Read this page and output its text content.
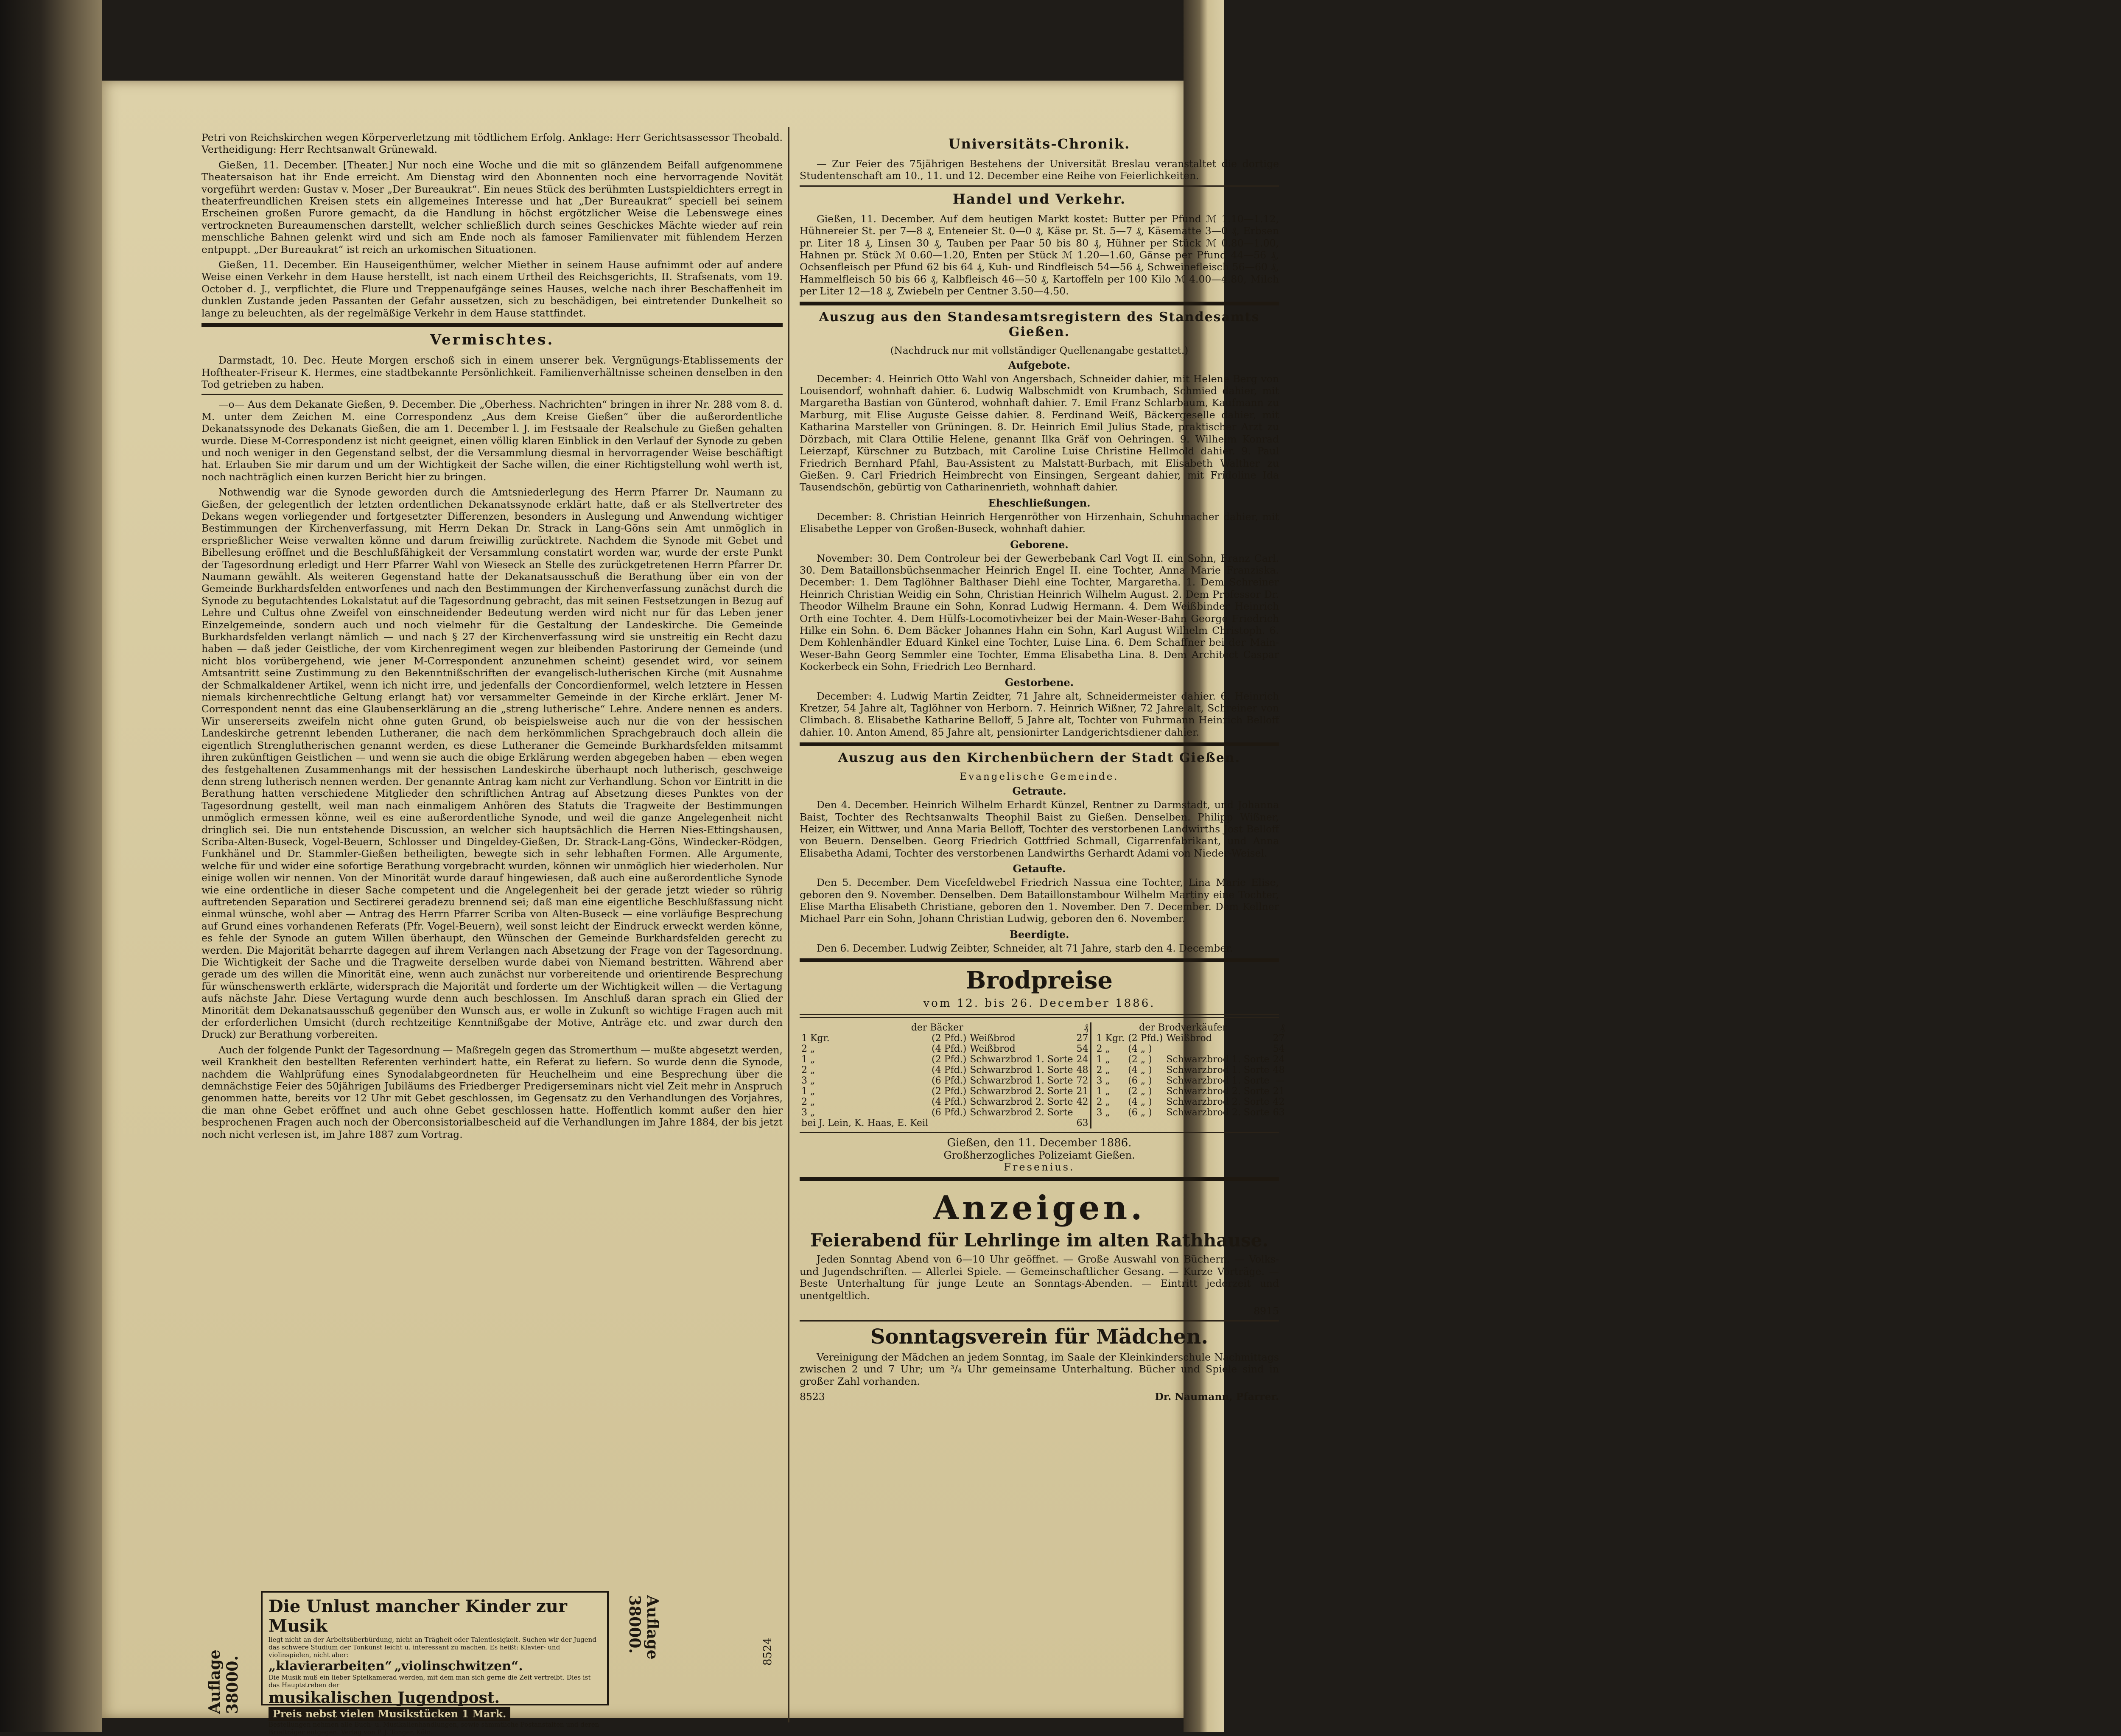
Petri von Reichskirchen wegen Körperverletzung mit tödtlichem Erfolg. Anklage: Herr Gerichtsassessor Theobald. Vertheidigung: Herr Rechtsanwalt Grünewald.

Gießen, 11. December. [Theater.] Nur noch eine Woche und die mit so glänzendem Beifall aufgenommene Theatersaison hat ihr Ende erreicht. Am Dienstag wird den Abonnenten noch eine hervorragende Novität vorgeführt werden: Gustav v. Moser „Der Bureaukrat“. Ein neues Stück des berühmten Lustspieldichters erregt in theaterfreundlichen Kreisen stets ein allgemeines Interesse und hat „Der Bureaukrat“ speciell bei seinem Erscheinen großen Furore gemacht, da die Handlung in höchst ergötzlicher Weise die Lebenswege eines vertrockneten Bureaumenschen darstellt, welcher schließlich durch seines Geschickes Mächte wieder auf rein menschliche Bahnen gelenkt wird und sich am Ende noch als famoser Familienvater mit fühlendem Herzen entpuppt. „Der Bureaukrat“ ist reich an urkomischen Situationen.

Gießen, 11. December. Ein Hauseigenthümer, welcher Miether in seinem Hause aufnimmt oder auf andere Weise einen Verkehr in dem Hause herstellt, ist nach einem Urtheil des Reichsgerichts, II. Strafsenats, vom 19. October d. J., verpflichtet, die Flure und Treppenaufgänge seines Hauses, welche nach ihrer Beschaffenheit im dunklen Zustande jeden Passanten der Gefahr aussetzen, sich zu beschädigen, bei eintretender Dunkelheit so lange zu beleuchten, als der regelmäßige Verkehr in dem Hause stattfindet.

Vermischtes.

Darmstadt, 10. Dec. Heute Morgen erschoß sich in einem unserer bek. Vergnügungs-Etablissements der Hoftheater-Friseur K. Hermes, eine stadtbekannte Persönlichkeit. Familienverhältnisse scheinen denselben in den Tod getrieben zu haben.

—o— Aus dem Dekanate Gießen, 9. December. Die „Oberhess. Nachrichten“ bringen in ihrer Nr. 288 vom 8. d. M. unter dem Zeichen M. eine Correspondenz „Aus dem Kreise Gießen“ über die außerordentliche Dekanatssynode des Dekanats Gießen, die am 1. December l. J. im Festsaale der Realschule zu Gießen gehalten wurde. Diese M-Correspondenz ist nicht geeignet, einen völlig klaren Einblick in den Verlauf der Synode zu geben und noch weniger in den Gegenstand selbst, der die Versammlung diesmal in hervorragender Weise beschäftigt hat. Erlauben Sie mir darum und um der Wichtigkeit der Sache willen, die einer Richtigstellung wohl werth ist, noch nachträglich einen kurzen Bericht hier zu bringen.

Nothwendig war die Synode geworden durch die Amtsniederlegung des Herrn Pfarrer Dr. Naumann zu Gießen, der gelegentlich der letzten ordentlichen Dekanatssynode erklärt hatte, daß er als Stellvertreter des Dekans wegen vorliegender und fortgesetzter Differenzen, besonders in Auslegung und Anwendung wichtiger Bestimmungen der Kirchenverfassung, mit Herrn Dekan Dr. Strack in Lang-Göns sein Amt unmöglich in ersprießlicher Weise verwalten könne und darum freiwillig zurücktrete. Nachdem die Synode mit Gebet und Bibellesung eröffnet und die Beschlußfähigkeit der Versammlung constatirt worden war, wurde der erste Punkt der Tagesordnung erledigt und Herr Pfarrer Wahl von Wieseck an Stelle des zurückgetretenen Herrn Pfarrer Dr. Naumann gewählt. Als weiteren Gegenstand hatte der Dekanatsausschuß die Berathung über ein von der Gemeinde Burkhardsfelden entworfenes und nach den Bestimmungen der Kirchenverfassung zunächst durch die Synode zu begutachtendes Lokalstatut auf die Tagesordnung gebracht, das mit seinen Festsetzungen in Bezug auf Lehre und Cultus ohne Zweifel von einschneidender Bedeutung werden wird nicht nur für das Leben jener Einzelgemeinde, sondern auch und noch vielmehr für die Gestaltung der Landeskirche. Die Gemeinde Burkhardsfelden verlangt nämlich — und nach § 27 der Kirchenverfassung wird sie unstreitig ein Recht dazu haben — daß jeder Geistliche, der vom Kirchenregiment wegen zur bleibenden Pastorirung der Gemeinde (und nicht blos vorübergehend, wie jener M-Correspondent anzunehmen scheint) gesendet wird, vor seinem Amtsantritt seine Zustimmung zu den Bekenntnißschriften der evangelisch-lutherischen Kirche (mit Ausnahme der Schmalkaldener Artikel, wenn ich nicht irre, und jedenfalls der Concordienformel, welch letztere in Hessen niemals kirchenrechtliche Geltung erlangt hat) vor versammelter Gemeinde in der Kirche erklärt. Jener M-Correspondent nennt das eine Glaubenserklärung an die „streng lutherische“ Lehre. Andere nennen es anders. Wir unsererseits zweifeln nicht ohne guten Grund, ob beispielsweise auch nur die von der hessischen Landeskirche getrennt lebenden Lutheraner, die nach dem herkömmlichen Sprachgebrauch doch allein die eigentlich Strenglutherischen genannt werden, es diese Lutheraner die Gemeinde Burkhardsfelden mitsammt ihren zukünftigen Geistlichen — und wenn sie auch die obige Erklärung werden abgegeben haben — eben wegen des festgehaltenen Zusammenhangs mit der hessischen Landeskirche überhaupt noch lutherisch, geschweige denn streng lutherisch nennen werden. Der genannte Antrag kam nicht zur Verhandlung. Schon vor Eintritt in die Berathung hatten verschiedene Mitglieder den schriftlichen Antrag auf Absetzung dieses Punktes von der Tagesordnung gestellt, weil man nach einmaligem Anhören des Statuts die Tragweite der Bestimmungen unmöglich ermessen könne, weil es eine außerordentliche Synode, und weil die ganze Angelegenheit nicht dringlich sei. Die nun entstehende Discussion, an welcher sich hauptsächlich die Herren Nies-Ettingshausen, Scriba-Alten-Buseck, Vogel-Beuern, Schlosser und Dingeldey-Gießen, Dr. Strack-Lang-Göns, Windecker-Rödgen, Funkhänel und Dr. Stammler-Gießen betheiligten, bewegte sich in sehr lebhaften Formen. Alle Argumente, welche für und wider eine sofortige Berathung vorgebracht wurden, können wir unmöglich hier wiederholen. Nur einige wollen wir nennen. Von der Minorität wurde darauf hingewiesen, daß auch eine außerordentliche Synode wie eine ordentliche in dieser Sache competent und die Angelegenheit bei der gerade jetzt wieder so rührig auftretenden Separation und Sectirerei geradezu brennend sei; daß man eine eigentliche Beschlußfassung nicht einmal wünsche, wohl aber — Antrag des Herrn Pfarrer Scriba von Alten-Buseck — eine vorläufige Besprechung auf Grund eines vorhandenen Referats (Pfr. Vogel-Beuern), weil sonst leicht der Eindruck erweckt werden könne, es fehle der Synode an gutem Willen überhaupt, den Wünschen der Gemeinde Burkhardsfelden gerecht zu werden. Die Majorität beharrte dagegen auf ihrem Verlangen nach Absetzung der Frage von der Tagesordnung. Die Wichtigkeit der Sache und die Tragweite derselben wurde dabei von Niemand bestritten. Während aber gerade um des willen die Minorität eine, wenn auch zunächst nur vorbereitende und orientirende Besprechung für wünschenswerth erklärte, widersprach die Majorität und forderte um der Wichtigkeit willen — die Vertagung aufs nächste Jahr. Diese Vertagung wurde denn auch beschlossen. Im Anschluß daran sprach ein Glied der Minorität dem Dekanatsausschuß gegenüber den Wunsch aus, er wolle in Zukunft so wichtige Fragen auch mit der erforderlichen Umsicht (durch rechtzeitige Kenntnißgabe der Motive, Anträge etc. und zwar durch den Druck) zur Berathung vorbereiten.

Auch der folgende Punkt der Tagesordnung — Maßregeln gegen das Stromerthum — mußte abgesetzt werden, weil Krankheit den bestellten Referenten verhindert hatte, ein Referat zu liefern. So wurde denn die Synode, nachdem die Wahlprüfung eines Synodalabgeordneten für Heuchelheim und eine Besprechung über die demnächstige Feier des 50jährigen Jubiläums des Friedberger Predigerseminars nicht viel Zeit mehr in Anspruch genommen hatte, bereits vor 12 Uhr mit Gebet geschlossen, im Gegensatz zu den Verhandlungen des Vorjahres, die man ohne Gebet eröffnet und auch ohne Gebet geschlossen hatte. Hoffentlich kommt außer den hier besprochenen Fragen auch noch der Oberconsistorialbescheid auf die Verhandlungen im Jahre 1884, der bis jetzt noch nicht verlesen ist, im Jahre 1887 zum Vortrag.

Auflage 38000.
Die Unlust mancher Kinder zur Musik
liegt nicht an der Arbeitsüberbürdung, nicht an Trägheit oder Talentlosigkeit. Suchen wir der Jugend das schwere Studium der Tonkunst leicht u. interessant zu machen. Es heißt: Klavier- und violinspielen, nicht aber:
„klavierarbeiten“ „violinschwitzen“.
Die Musik muß ein lieber Spielkamerad werden, mit dem man sich gerne die Zeit vertreibt. Dies ist das Hauptstreben der
musikalischen Jugendpost.
Preis nebst vielen Musikstücken 1 Mark.
Bestellungen nehmen alle Buch- u. Musikalienhandlungen, sowie sämmtliche Postanstalten und deren Briefträger entgegen. Verlag von P. J. Tonger, Köln.
Auflage 38000.	8524
Universitäts-Chronik.

— Zur Feier des 75jährigen Bestehens der Universität Breslau veranstaltet die dortige Studentenschaft am 10., 11. und 12. December eine Reihe von Feierlichkeiten.

Handel und Verkehr.

Gießen, 11. December. Auf dem heutigen Markt kostet: Butter per Pfund ℳ 1.10—1.12, Hühnereier St. per 7—8 ₰, Enteneier St. 0—0 ₰, Käse pr. St. 5—7 ₰, Käsematte 3—0 ₰, Erbsen pr. Liter 18 ₰, Linsen 30 ₰, Tauben per Paar 50 bis 80 ₰, Hühner per Stück ℳ 0.80—1.00, Hahnen pr. Stück ℳ 0.60—1.20, Enten per Stück ℳ 1.20—1.60, Gänse per Pfund 44—56 ₰, Ochsenfleisch per Pfund 62 bis 64 ₰, Kuh- und Rindfleisch 54—56 ₰, Schweinefleisch 56—60 ₰, Hammelfleisch 50 bis 66 ₰, Kalbfleisch 46—50 ₰, Kartoffeln per 100 Kilo ℳ 4.00—4.80, Milch per Liter 12—18 ₰, Zwiebeln per Centner 3.50—4.50.

Auszug aus den Standesamtsregistern des Standesamts Gießen.
(Nachdruck nur mit vollständiger Quellenangabe gestattet.)
Aufgebote.

December: 4. Heinrich Otto Wahl von Angersbach, Schneider dahier, mit Helene Berg von Louisendorf, wohnhaft dahier. 6. Ludwig Walbschmidt von Krumbach, Schmied dahier, mit Margaretha Bastian von Günterod, wohnhaft dahier. 7. Emil Franz Schlarbaum, Kaufmann zu Marburg, mit Elise Auguste Geisse dahier. 8. Ferdinand Weiß, Bäckergeselle dahier, mit Katharina Marsteller von Grüningen. 8. Dr. Heinrich Emil Julius Stade, praktischer Arzt zu Dörzbach, mit Clara Ottilie Helene, genannt Ilka Gräf von Oehringen. 9. Wilhelm Konrad Leierzapf, Kürschner zu Butzbach, mit Caroline Luise Christine Hellmold dahier. 9. Paul Friedrich Bernhard Pfahl, Bau-Assistent zu Malstatt-Burbach, mit Elisabeth Walther zu Gießen. 9. Carl Friedrich Heimbrecht von Einsingen, Sergeant dahier, mit Fridoline Ida Tausendschön, gebürtig von Catharinenrieth, wohnhaft dahier.

Eheschließungen.

December: 8. Christian Heinrich Hergenröther von Hirzenhain, Schuhmacher dahier, mit Elisabethe Lepper von Großen-Buseck, wohnhaft dahier.

Geborene.

November: 30. Dem Controleur bei der Gewerbebank Carl Vogt II. ein Sohn, Franz Carl. 30. Dem Bataillonsbüchsenmacher Heinrich Engel II. eine Tochter, Anna Marie Franziska. December: 1. Dem Taglöhner Balthaser Diehl eine Tochter, Margaretha. 1. Dem Schreiner Heinrich Christian Weidig ein Sohn, Christian Heinrich Wilhelm August. 2. Dem Professor Dr. Theodor Wilhelm Braune ein Sohn, Konrad Ludwig Hermann. 4. Dem Weißbinder Heinrich Orth eine Tochter. 4. Dem Hülfs-Locomotivheizer bei der Main-Weser-Bahn George Friedrich Hilke ein Sohn. 6. Dem Bäcker Johannes Hahn ein Sohn, Karl August Wilhelm Christoph. 6. Dem Kohlenhändler Eduard Kinkel eine Tochter, Luise Lina. 6. Dem Schaffner bei der Main-Weser-Bahn Georg Semmler eine Tochter, Emma Elisabetha Lina. 8. Dem Architect Caspar Kockerbeck ein Sohn, Friedrich Leo Bernhard.

Gestorbene.

December: 4. Ludwig Martin Zeidter, 71 Jahre alt, Schneidermeister dahier. 6. Heinrich Kretzer, 54 Jahre alt, Taglöhner von Herborn. 7. Heinrich Wißner, 72 Jahre alt, Schreiner von Climbach. 8. Elisabethe Katharine Belloff, 5 Jahre alt, Tochter von Fuhrmann Heinrich Belloff dahier. 10. Anton Amend, 85 Jahre alt, pensionirter Landgerichtsdiener dahier.

Auszug aus den Kirchenbüchern der Stadt Gießen.
Evangelische Gemeinde.
Getraute.

Den 4. December. Heinrich Wilhelm Erhardt Künzel, Rentner zu Darmstadt, und Johanna Baist, Tochter des Rechtsanwalts Theophil Baist zu Gießen. Denselben. Philipp Wißner, Heizer, ein Wittwer, und Anna Maria Belloff, Tochter des verstorbenen Landwirths Jost Belloff von Beuern. Denselben. Georg Friedrich Gottfried Schmall, Cigarrenfabrikant, und Anna Elisabetha Adami, Tochter des verstorbenen Landwirths Gerhardt Adami von Nieder-Weisel.

Getaufte.

Den 5. December. Dem Vicefeldwebel Friedrich Nassua eine Tochter, Lina Marie Elise, geboren den 9. November. Denselben. Dem Bataillonstambour Wilhelm Martiny eine Tochter, Elise Martha Elisabeth Christiane, geboren den 1. November. Den 7. December. Dem Kellner Michael Parr ein Sohn, Johann Christian Ludwig, geboren den 6. November.

Beerdigte.

Den 6. December. Ludwig Zeibter, Schneider, alt 71 Jahre, starb den 4. December.

Brodpreise
vom 12. bis 26. December 1886.
der Bäcker			₰
1 Kgr.	(2 Pfd.)	Weißbrod	27
2 „	(4 Pfd.)	Weißbrod	54
1 „	(2 Pfd.)	Schwarzbrod 1. Sorte	24
2 „	(4 Pfd.)	Schwarzbrod 1. Sorte	48
3 „	(6 Pfd.)	Schwarzbrod 1. Sorte	72
1 „	(2 Pfd.)	Schwarzbrod 2. Sorte	21
2 „	(4 Pfd.)	Schwarzbrod 2. Sorte	42
3 „	(6 Pfd.)	Schwarzbrod 2. Sorte	
bei J. Lein, K. Haas, E. Keil			63
der Brodverkäufer			₰
1 Kgr.	(2 Pfd.)	Weißbrod	27
2 „	(4 „ )		54
1 „	(2 „ )	Schwarzbrod 1. Sorte	24
2 „	(4 „ )	Schwarzbrod 1. Sorte	48
3 „	(6 „ )	Schwarzbrod 1. Sorte	—
1 „	(2 „ )	Schwarzbrod 2. Sorte	21
2 „	(4 „ )	Schwarzbrod 2. Sorte	42
3 „	(6 „ )	Schwarzbrod 2. Sorte	63
Gießen, den 11. December 1886.
Großherzogliches Polizeiamt Gießen.
Fresenius.
Anzeigen.
Feierabend für Lehrlinge im alten Rathhause.

Jeden Sonntag Abend von 6—10 Uhr geöffnet. — Große Auswahl von Büchern. — Volks- und Jugendschriften. — Allerlei Spiele. — Gemeinschaftlicher Gesang. — Kurze Vorträge. — Beste Unterhaltung für junge Leute an Sonntags-Abenden. — Eintritt jederzeit und unentgeltlich.

8915
Sonntagsverein für Mädchen.

Vereinigung der Mädchen an jedem Sonntag, im Saale der Kleinkinderschule Nachmittags zwischen 2 und 7 Uhr; um ³/₄ Uhr gemeinsame Unterhaltung. Bücher und Spiele sind in großer Zahl vorhanden.

8523	Dr. Naumann, Pfarrer.
